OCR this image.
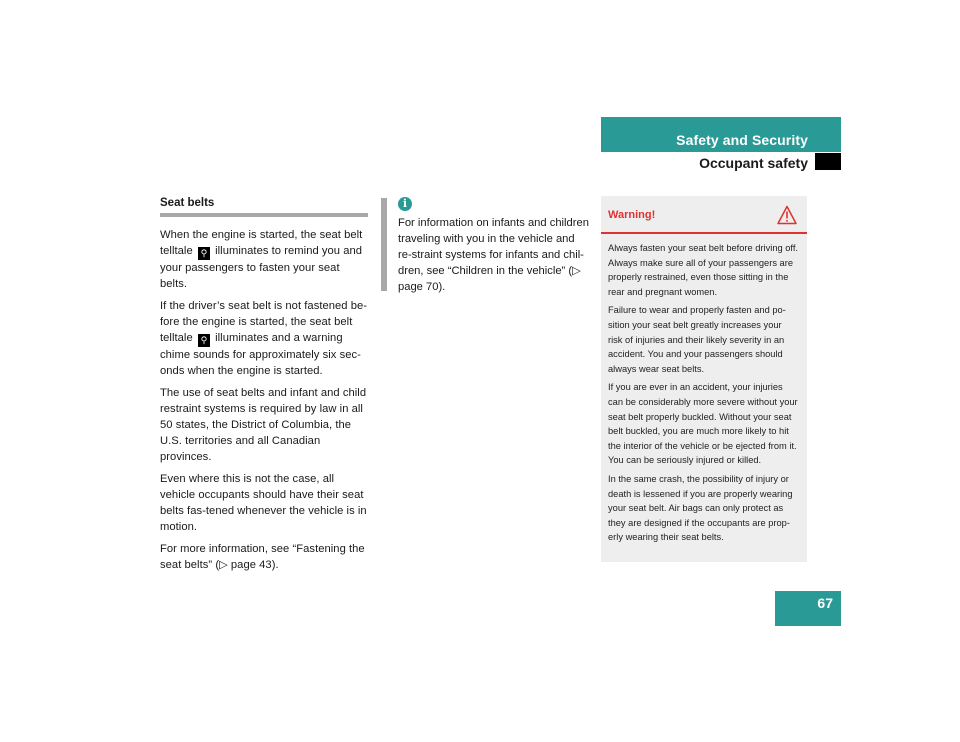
Safety and Security
Occupant safety
Seat belts

When the engine is started, the seat belt telltale ⚲ illuminates to remind you and your passengers to fasten your seat belts.

If the driver’s seat belt is not fastened be-fore the engine is started, the seat belt telltale ⚲ illuminates and a warning chime sounds for approximately six sec-onds when the engine is started.

The use of seat belts and infant and child restraint systems is required by law in all 50 states, the District of Columbia, the U.S. territories and all Canadian provinces.

Even where this is not the case, all vehicle occupants should have their seat belts fas-tened whenever the vehicle is in motion.

For more information, see “Fastening the seat belts” (▷ page 43).

i

For information on infants and children traveling with you in the vehicle and re-straint systems for infants and chil-dren, see “Children in the vehicle” (▷ page 70).

Warning!

Always fasten your seat belt before driving off. Always make sure all of your passengers are properly restrained, even those sitting in the rear and pregnant women.

Failure to wear and properly fasten and po-sition your seat belt greatly increases your risk of injuries and their likely severity in an accident. You and your passengers should always wear seat belts.

If you are ever in an accident, your injuries can be considerably more severe without your seat belt properly buckled. Without your seat belt buckled, you are much more likely to hit the interior of the vehicle or be ejected from it. You can be seriously injured or killed.

In the same crash, the possibility of injury or death is lessened if you are properly wearing your seat belt. Air bags can only protect as they are designed if the occupants are prop-erly wearing their seat belts.

67
